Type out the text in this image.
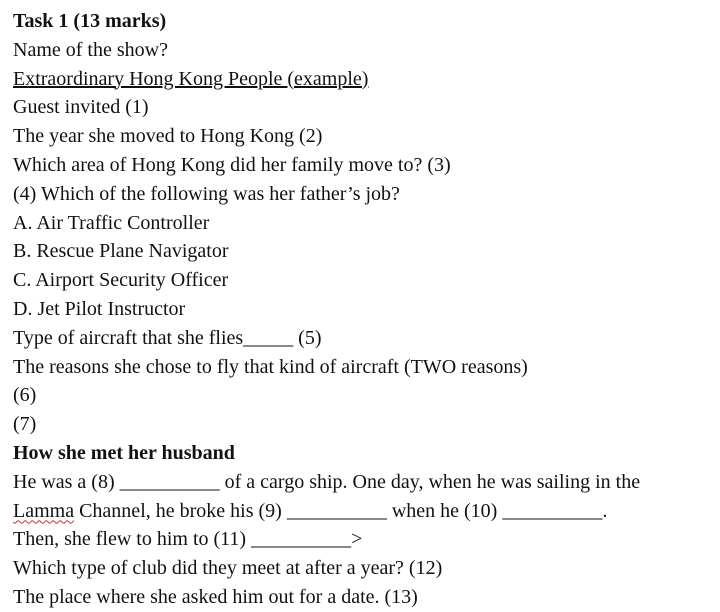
Task 1 (13 marks)
Name of the show?
Extraordinary Hong Kong People (example)
Guest invited (1)
The year she moved to Hong Kong (2)
Which area of Hong Kong did her family move to? (3)
(4) Which of the following was her father’s job?
A. Air Traffic Controller
B. Rescue Plane Navigator
C. Airport Security Officer
D. Jet Pilot Instructor
Type of aircraft that she flies_____ (5)
The reasons she chose to fly that kind of aircraft (TWO reasons)
(6)
(7)
How she met her husband
He was a (8) __________ of a cargo ship. One day, when he was sailing in the
Lamma Channel, he broke his (9) __________ when he (10) __________.
Then, she flew to him to (11) __________>
Which type of club did they meet at after a year? (12)
The place where she asked him out for a date. (13)
